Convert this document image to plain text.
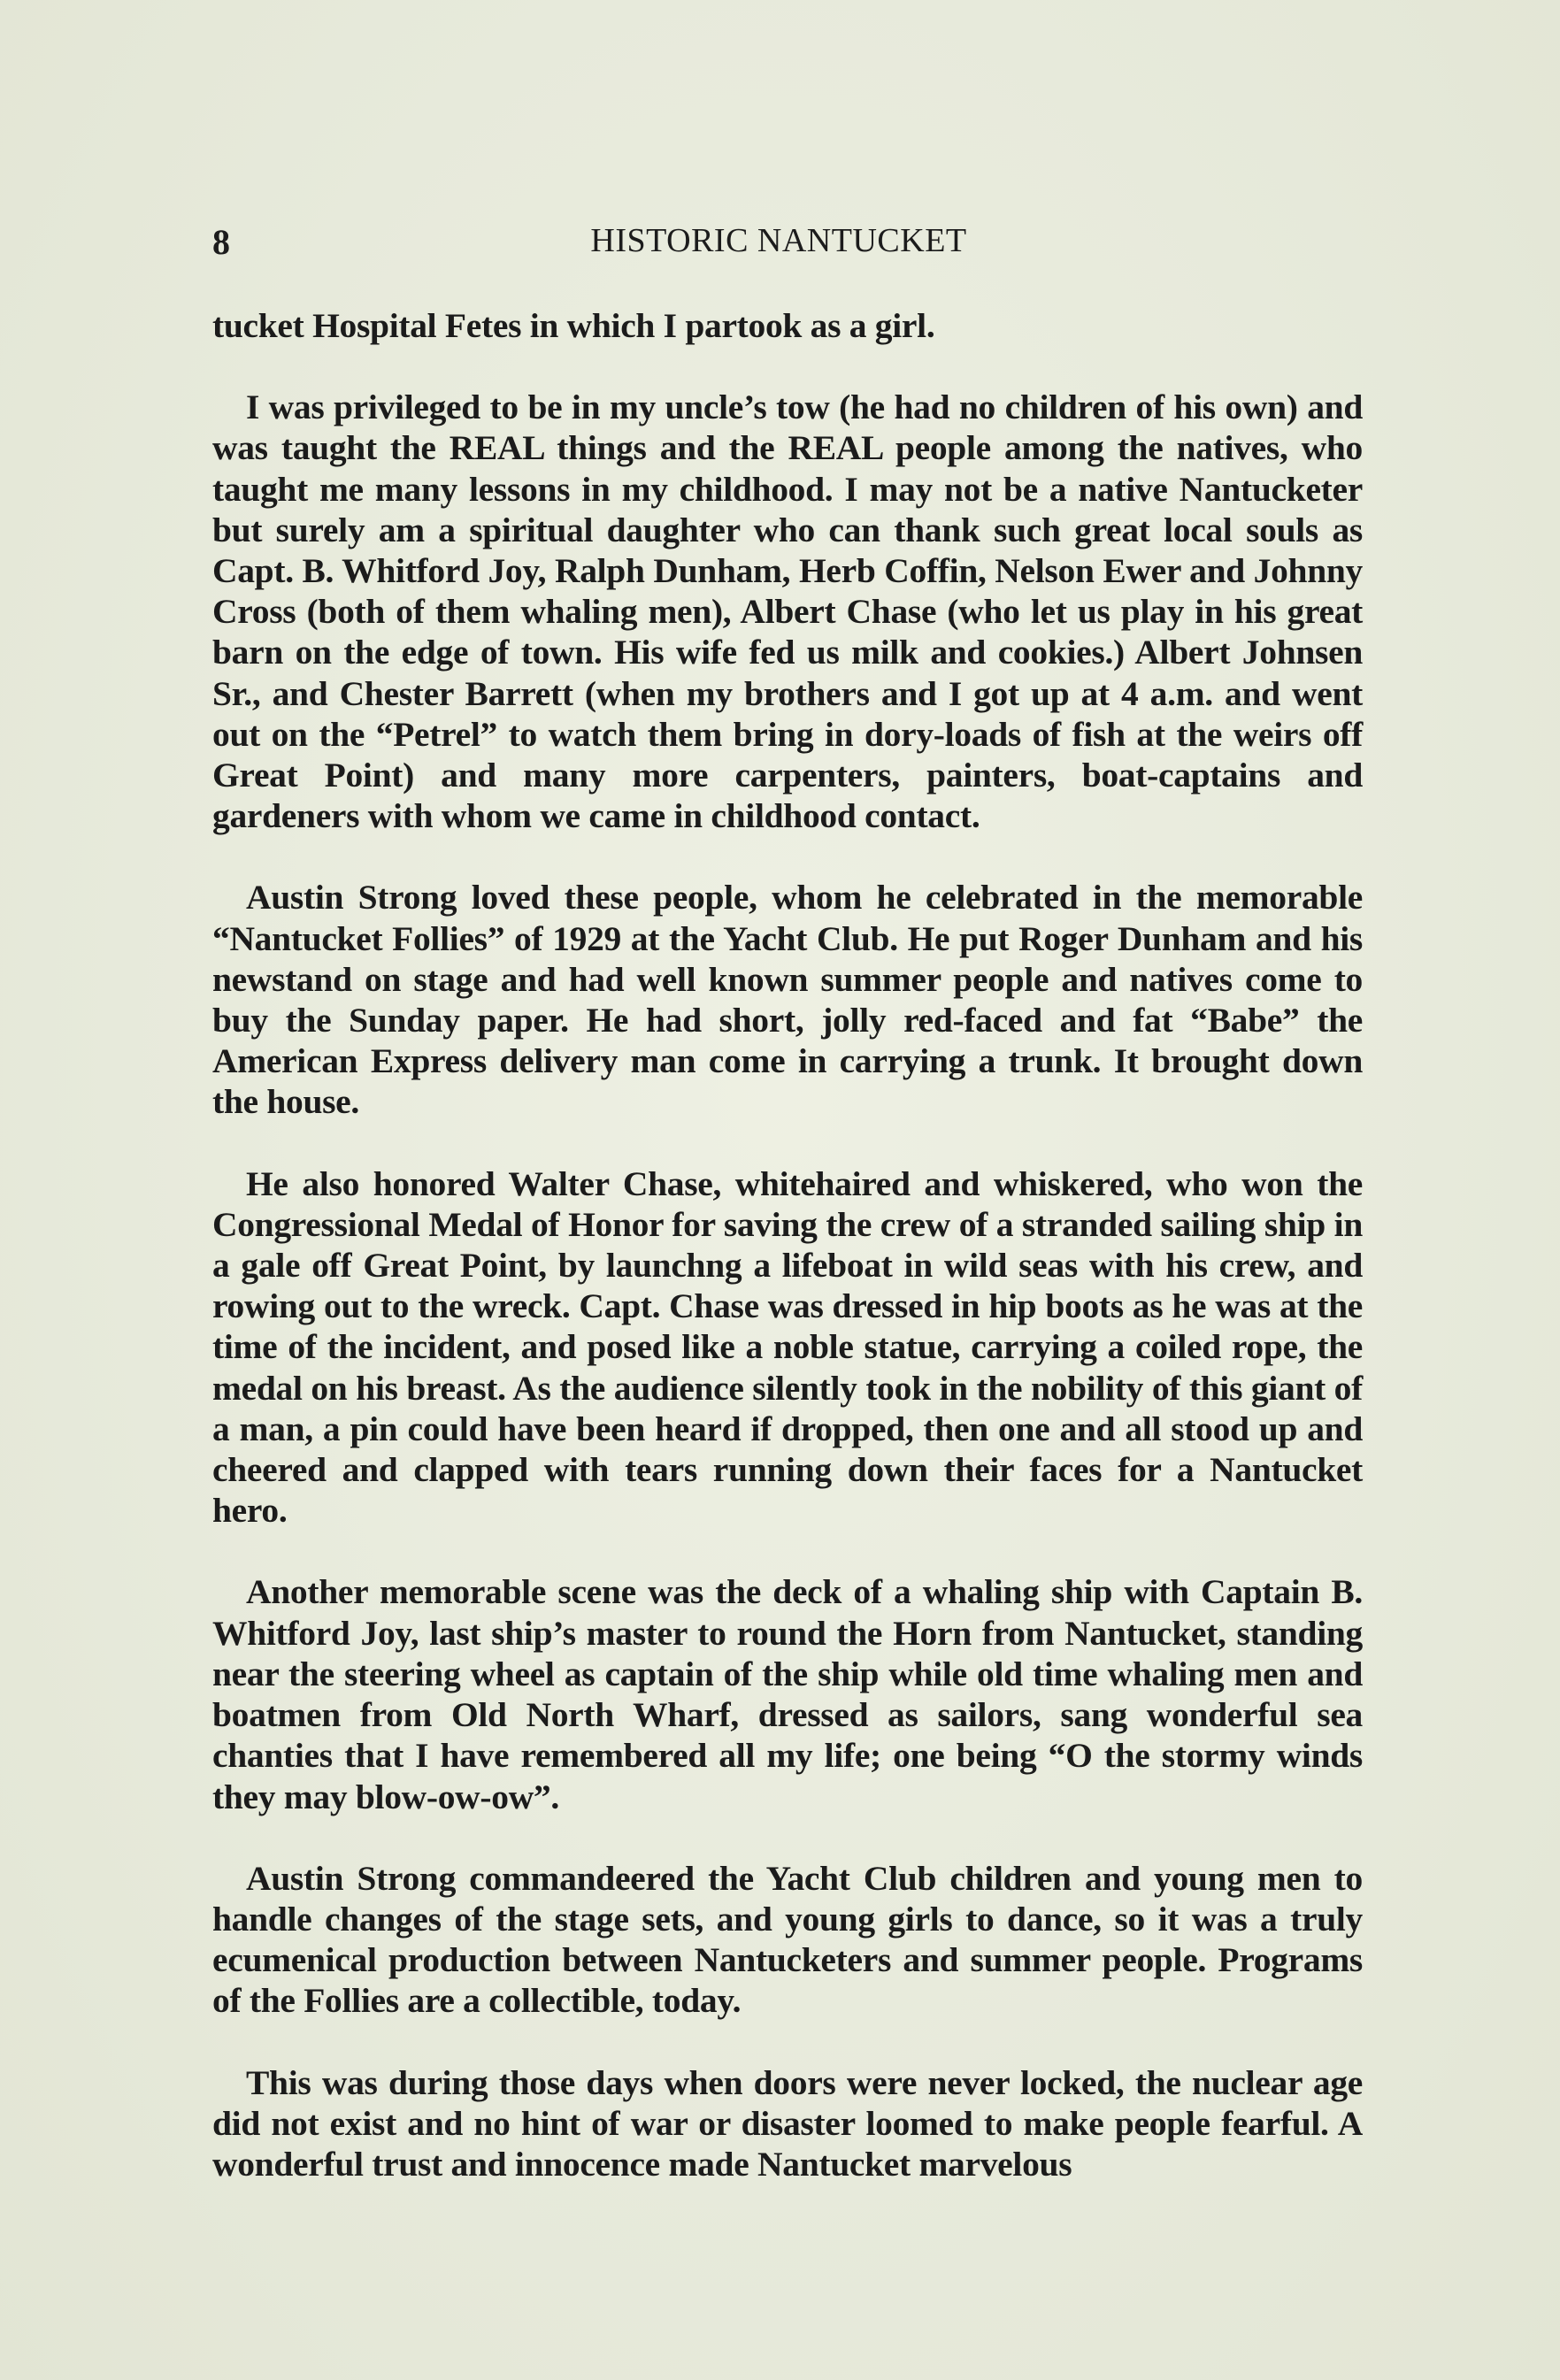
8	HISTORIC NANTUCKET

tucket Hospital Fetes in which I partook as a girl.

I was privileged to be in my uncle’s tow (he had no children of his own) and was taught the REAL things and the REAL people among the natives, who taught me many lessons in my childhood. I may not be a native Nantucketer but surely am a spiritual daughter who can thank such great local souls as Capt. B. Whitford Joy, Ralph Dunham, Herb Coffin, Nelson Ewer and Johnny Cross (both of them whaling men), Albert Chase (who let us play in his great barn on the edge of town. His wife fed us milk and cookies.) Albert Johnsen Sr., and Chester Barrett (when my brothers and I got up at 4 a.m. and went out on the “Petrel” to watch them bring in dory-loads of fish at the weirs off Great Point) and many more carpenters, painters, boat-captains and gardeners with whom we came in childhood contact.

Austin Strong loved these people, whom he celebrated in the memorable “Nantucket Follies” of 1929 at the Yacht Club. He put Roger Dunham and his newstand on stage and had well known summer people and natives come to buy the Sunday paper. He had short, jolly red-faced and fat “Babe” the American Express delivery man come in carrying a trunk. It brought down the house.

He also honored Walter Chase, whitehaired and whiskered, who won the Congressional Medal of Honor for saving the crew of a stranded sailing ship in a gale off Great Point, by launchng a lifeboat in wild seas with his crew, and rowing out to the wreck. Capt. Chase was dressed in hip boots as he was at the time of the incident, and posed like a noble statue, carrying a coiled rope, the medal on his breast. As the audience silently took in the nobility of this giant of a man, a pin could have been heard if dropped, then one and all stood up and cheered and clapped with tears running down their faces for a Nantucket hero.

Another memorable scene was the deck of a whaling ship with Captain B. Whitford Joy, last ship’s master to round the Horn from Nantucket, standing near the steering wheel as captain of the ship while old time whaling men and boatmen from Old North Wharf, dressed as sailors, sang wonderful sea chanties that I have remembered all my life; one being “O the stormy winds they may blow-ow-ow”.

Austin Strong commandeered the Yacht Club children and young men to handle changes of the stage sets, and young girls to dance, so it was a truly ecumenical production between Nantucketers and summer people. Programs of the Follies are a collectible, today.

This was during those days when doors were never locked, the nuclear age did not exist and no hint of war or disaster loomed to make people fearful. A wonderful trust and innocence made Nantucket marvelous
